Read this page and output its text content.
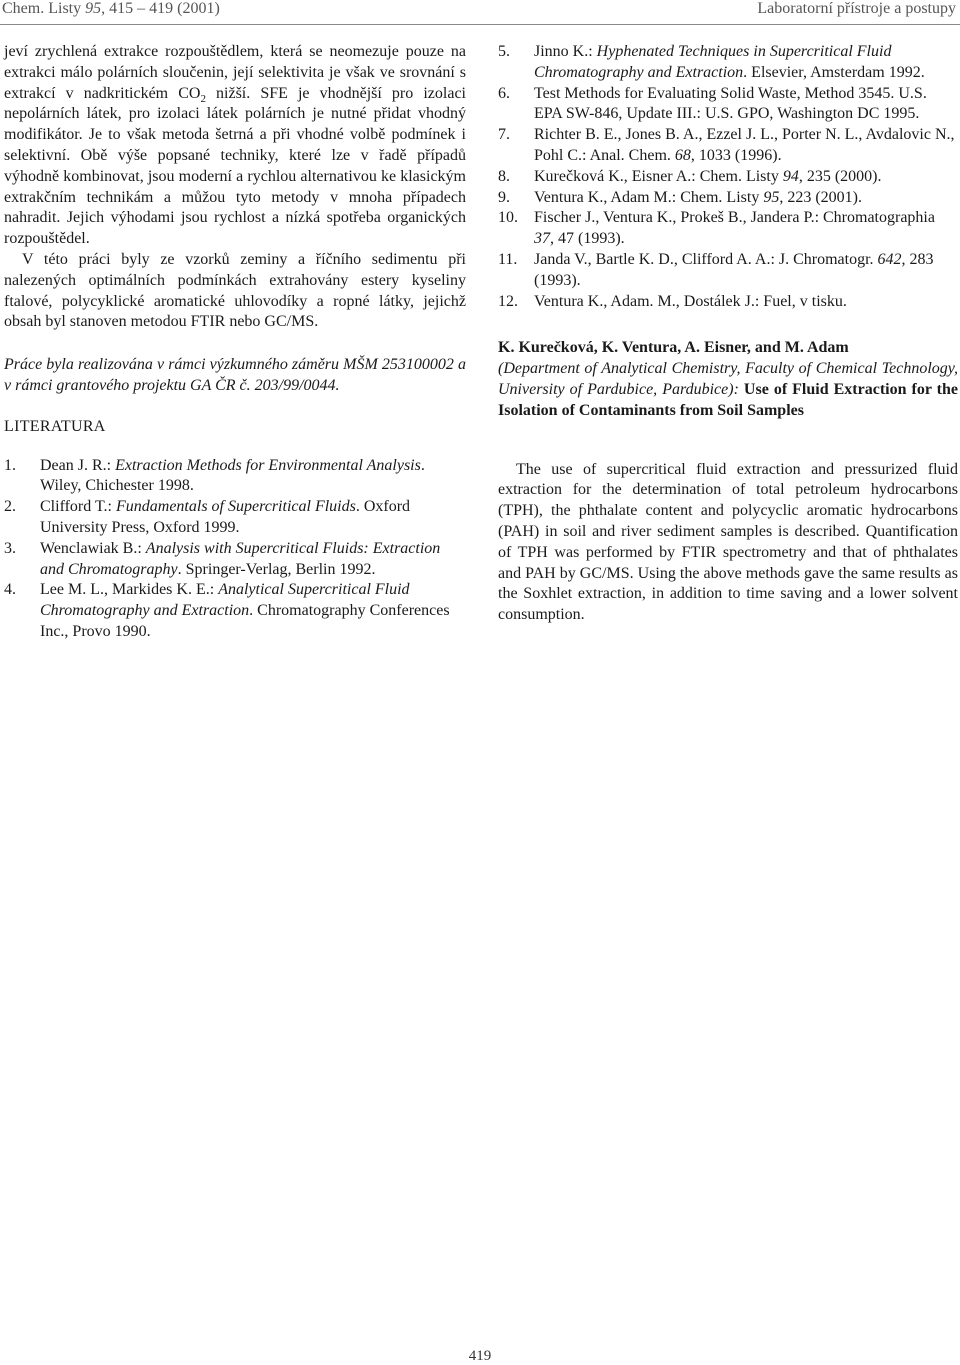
Chem. Listy 95, 415 – 419 (2001)	Laboratorní přístroje a postupy

jeví zrychlená extrakce rozpouštědlem, která se neomezuje pouze na extrakci málo polárních sloučenin, její selektivita je však ve srovnání s extrakcí v nadkritickém $CO_2$ nižší. SFE je vhodnější pro izolaci nepolárních látek, pro izolaci látek polárních je nutné přidat vhodný modifikátor. Je to však metoda šetrná a při vhodné volbě podmínek i selektivní. Obě výše popsané techniky, které lze v řadě případů výhodně kombinovat, jsou moderní a rychlou alternativou ke klasickým extrakčním technikám a můžou tyto metody v mnoha případech nahradit. Jejich výhodami jsou rychlost a nízká spotřeba organických rozpouštědel.

V této práci byly ze vzorků zeminy a říčního sedimentu při nalezených optimálních podmínkách extrahovány estery kyseliny ftalové, polycyklické aromatické uhlovodíky a ropné látky, jejichž obsah byl stanoven metodou FTIR nebo GC/MS.

Práce byla realizována v rámci výzkumného záměru MŠM 253100002 a v rámci grantového projektu GA ČR č. 203/99/0044.

LITERATURA
1.	Dean J. R.: Extraction Methods for Environmental Analysis. Wiley, Chichester 1998.
2.	Clifford T.: Fundamentals of Supercritical Fluids. Oxford University Press, Oxford 1999.
3.	Wenclawiak B.: Analysis with Supercritical Fluids: Extraction and Chromatography. Springer-Verlag, Berlin 1992.
4.	Lee M. L., Markides K. E.: Analytical Supercritical Fluid Chromatography and Extraction. Chromatography Conferences Inc., Provo 1990.
5.	Jinno K.: Hyphenated Techniques in Supercritical Fluid Chromatography and Extraction. Elsevier, Amsterdam 1992.
6.	Test Methods for Evaluating Solid Waste, Method 3545. U.S. EPA SW-846, Update III.: U.S. GPO, Washington DC 1995.
7.	Richter B. E., Jones B. A., Ezzel J. L., Porter N. L., Avdalovic N., Pohl C.: Anal. Chem. 68, 1033 (1996).
8.	Kurečková K., Eisner A.: Chem. Listy 94, 235 (2000).
9.	Ventura K., Adam M.: Chem. Listy 95, 223 (2001).
10.	Fischer J., Ventura K., Prokeš B., Jandera P.: Chromatographia 37, 47 (1993).
11.	Janda V., Bartle K. D., Clifford A. A.: J. Chromatogr. 642, 283 (1993).
12.	Ventura K., Adam. M., Dostálek J.: Fuel, v tisku.

K. Kurečková, K. Ventura, A. Eisner, and M. Adam
(Department of Analytical Chemistry, Faculty of Chemical Technology, University of Pardubice, Pardubice): Use of Fluid Extraction for the Isolation of Contaminants from Soil Samples

The use of supercritical fluid extraction and pressurized fluid extraction for the determination of total petroleum hydrocarbons (TPH), the phthalate content and polycyclic aromatic hydrocarbons (PAH) in soil and river sediment samples is described. Quantification of TPH was performed by FTIR spectrometry and that of phthalates and PAH by GC/MS. Using the above methods gave the same results as the Soxhlet extraction, in addition to time saving and a lower solvent consumption.

419
